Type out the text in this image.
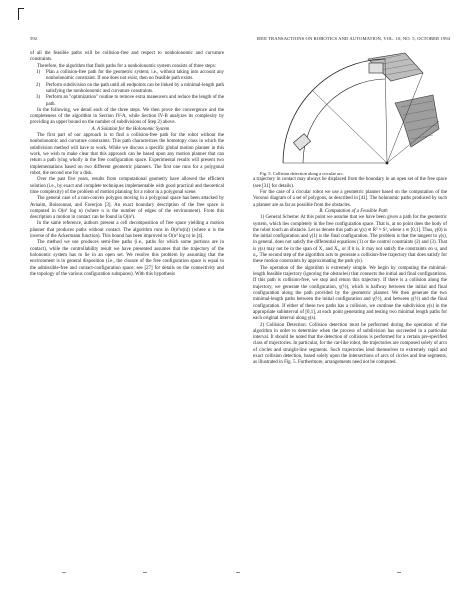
592	IEEE TRANSACTIONS ON ROBOTICS AND AUTOMATION, VOL. 10, NO. 5, OCTOBER 1994

of all the feasible paths will be collision-free and respect to nonholonomic and curvature constraints.

Therefore, the algorithm that finds paths for a nonholonomic system consists of three steps:

1) Plan a collision-free path for the geometric system; i.e., without taking into account any nonholonomic constraint. If one does not exist, then no feasible path exists.
2) Perform subdivision on the path until all endpoints can be linked by a minimal-length path satisfying the nonholonomic and curvature constraints.
3) Perform an "optimization" routine to remove extra maneuvers and reduce the length of the path.

In the following, we detail each of the three steps. We then prove the convergence and the completeness of the algorithm in Section IV-A, while Section IV-B analyzes its complexity by providing an upper bound on the number of subdivisions of Step 2) above.

A. A Solution for the Holonomic System

The first part of our approach is to find a collision-free path for the robot without the nonholonomic and curvature constraints. This path characterizes the homotopy class in which the subdivision method will have to work. While we discuss a specific global motion planner in this work, we wish to make clear that this approach can be based upon any motion planner that can return a path lying wholly in the free configuration space. Experimental results will present two implementations based on two different geometric planners. The first one runs for a polygonal robot, the second one for a disk.

Over the past five years, results from computational geometry have allowed the efficient solution (i.e., by exact and complete techniques implementable with good practical and theoretical time complexity) of the problem of motion planning for a robot in a polygonal scene.

The general case of a non-convex polygon moving in a polygonal space has been attacked by Avnaim, Boissonnat, and Faverjon [3]. An exact boundary description of the free space is computed in O(n³ log n) (where n is the number of edges of the environment). From this description a motion in contact can be found in O(n³).

In the same reference, authors present a cell decomposition of free space yielding a motion planner that produces paths without contact. The algorithm runs in O(n⁶α(n)) (where α is the inverse of the Ackermann function). This bound has been improved to O(n³ log n) in [4].

The method we use produces semi-free paths (i.e., paths for which some portions are in contact), while the controllability result we have presented assumes that the trajectory of the holonomic system has to lie in an open set. We resolve this problem by assuming that the environment is in general disposition (i.e., the closure of the free configuration space is equal to the admissible-free and contact-configuration space; see [27] for details on the connectivity and the topology of the various configuration subspaces). With this hypothesis

Fig. 5. Collision detection along a circular arc.

a trajectory in contact may always be displaced from the boundary in an open set of the free space (see [31] for details).

For the case of a circular robot we use a geometric planner based on the computation of the Voronoi diagram of a set of polygons, as described in [41]. The holonomic paths produced by such a planner are as far as possible from the obstacles.

B. Computation of a Feasible Path

1) General Scheme: At this point we assume that we have been given a path for the geometric system, which lies completely in the free configuration space. That is, at no point does the body of the robot touch an obstacle. Let us denote this path as γ(s) ∈ R² × S¹, where s ∈ [0,1]. Thus, γ(0) is the initial configuration and γ(1) is the final configuration. The problem is that the tangent to γ(s), in general, does not satisfy the differential equations (1) or the control constraints (2) and (3). That is γ(s) may not be in the span of X₁ and X₂, or if it is, it may not satisfy the constraints on u₁ and u₂. The second step of the algorithm acts to generate a collision-free trajectory that does satisfy for these motion constraints by approximating the path γ(s).

The operation of the algorithm is extremely simple. We begin by computing the minimal-length feasible trajectory (ignoring the obstacles) that connects the initial and final configurations. If this path is collision-free, we stop and return this trajectory. If there is a collision along the trajectory, we generate the configuration, γ(½), which is halfway between the initial and final configuration along the path provided by the geometric planner. We then generate the two minimal-length paths between the initial configuration and γ(½), and between γ(½) and the final configuration. If either of these two paths has a collision, we continue the subdivision γ(s) in the appropriate subinterval of [0,1], at each point generating and testing two minimal length paths for each original interval along γ(s).

2) Collision Detection: Collision detection must be performed during the operation of the algorithm in order to determine when the process of subdivision has succeeded in a particular interval. It should be noted that the detection of collisions is performed for a certain pre-specified class of trajectories. In particular, for the car-like robot, the trajectories are composed solely of arcs of circles and straight-line segments. Such trajectories lend themselves to extremely rapid and exact collision detection, based solely upon the intersections of arcs of circles and line segments, as illustrated in Fig. 5. Furthermore, arrangements need not be computed.
